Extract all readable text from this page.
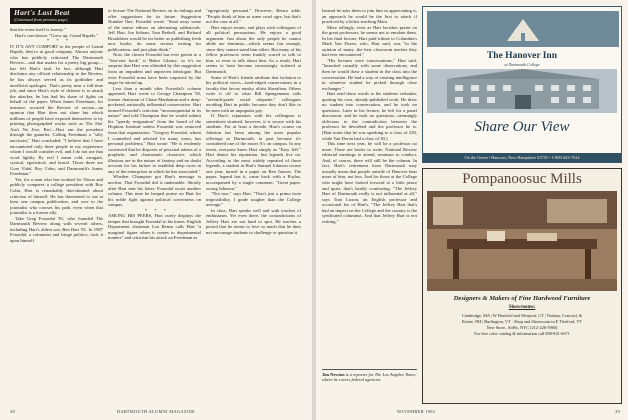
Hart's Last Beat
(Continued from previous page)

that the event itself is looney."

Hart's conclusion: "Grow up, Grand Rapids."

* * *

IT IT'S ANY COMFORT to the people of Grand Rapids, they're in good company. Almost anyone who has publicly criticized The Dartmouth Review—and that makes for a pretty big group—has felt Hart's lash. In fact, although Hart disclaims any official relationship to the Review, he has always served as its godfather and unofficial apologist. That's pretty near a full-time job, and since Hart's style of defense is to attack the attacker, he has had his share of fights on behalf of the paper. When James Freedman, for instance, accused the Review of racism—an opinion that Hart does not share but which millions of people have exposed themselves to by printing photographed works such as 'Dis Sho' Ain't No Jive, Bro'—Hart ran the president through the gauntlet. Calling Freedman a "silly narcissist," Hart concluded: "I believe that I have encountered only three people in my experience whom I would consider evil, and I do not use that word lightly. By evil I mean cold, arrogant, cynical, egotistical, and brutal. Those three are Gore Vidal, Roy Cohn, and Dartmouth's James Freedman."

Yet, for a man who has worked for Nixon and publicly compares a college president with Roy Cohn, Hart is remarkably thin-skinned about criticism of himself. He has threatened to sue at least one campus publication, and woe to the journalist who crosses his path, even when that journalist is a former ally.

Take Greg Fossedal '81, who founded The Dartmouth Review along with several others, including Hart's oldest son, Ben Hart '81. In 1987 Fossedal, a columnist and fringe politico, took it upon himself

to lecture The National Review on its failings and offer suggestions for its future. Suggestion Number One, Fossedal wrote: "Steal away some of the senior editors on alternating sabbaticals. Jeff Hart, Joe Sobran, Tom Bethell, and Richard Brookhiser would be far better as publishing fresh new books, do some serious writing for publications, and just plain think."

Now, the closest Fossedal has ever gotten to a "first-rate book" is Baker Library, so it's no surprise that Hart was offended by this suggestion from an impudent and unproven ideologue. But even Fossedal must have been surprised by the anger he stirred up.

Less than a month after Fossedal's column appeared, Hart wrote to George Champion '50, former chairman of Chase Manhattan and a deep-pocketed, nationally influential conservative. Hart termed Fossedal's criticism "inconsequential in its nature" and told Champion that he would submit his "speedy resignation" from the board of the Hopkins Institute unless Fossedal was removed from that organization. "Gregory Fossedal, whom I counseled and advised for many years, has personal problems," Hart wrote. "He is evidently convinced that he disposes of personal talents of a prophetic and charismatic character, which illusions are in the nature of fantasy and no doubt account for his failure to establish deep roots in any of the enterprises in which he has associated."

Whether Champion got Hart's message is unclear. That Fossedal did is undeniable. Shortly after Hart sent his letter, Fossedal wrote another column. This time he heaped praise on Hart for his noble fight against political correctness on campus.

* * *

AMONG HIS PEERS, Hart rarely displays the temper that brought Fossedal to his knees. English Department chairman Lou Renza calls Hart "a marginal figure when it comes to departmental matters" and criticism his attack on Freedman as

"egregiously personal." However, Renza adds: "People think of him as some cruel ogre, but that's not the case at all."

Hart enjoys tennis, and plays with colleagues of all political persuasions. He enjoys a good argument. Just about the only people he cannot abide are feminists—which seems fair enough, since they cannot stand him either. But many of his fellow professors seem frankly scared to talk to him, or even to talk about him. As a result, Hart seems to have become increasingly isolated at Dartmouth.

Some of Hart's friends attribute that isolation to his political views—hard-edged conservatism in a faculty that favors mushy, elitist liberalism. Others write it off to what Bill Spengemann calls "seventh-grade social etiquette," colleagues avoiding Hart in public because they don't like to be seen with an unpopular guy.

If Hart's reputation with his colleagues is sometimes strained, however, it is secure with his students. For at least a decade, Hart's course on Johnson has been among the most popular offerings at Dartmouth, in part because it's considered one of the easier A's on campus. In any event, everyone knew Hart simply as "Easy Jeff." Hart denies his reputation, but legends live on. According to the most widely repeated of those legends, a student in Hart's Samuel Johnson course one year, turned in a paper on Ben Jonson. The paper, legend has it, came back with a B-plus, accompanied by a single comment: "Great paper, wrong Johnson."

"Not true," says Hart. "That's just a prima facie impossibility. I grade tougher than the College average."

In class, Hart speaks well and with touches of enthusiasm. Yet even there, the contradictions of Jeffrey Hart are not hard to spot. He teaches a period that he seems to love so much that he does not encourage students to challenge or question it.

38	DARTMOUTH ALUMNI MAGAZINE

Instead he asks them to join him in appreciating it, an approach he would be the first to attack if practiced by a leftist teaching Marx.

More tellingly, even as Hart lavishes praise on the great professors, he seems not to emulate them. In his final lecture, Hart paid tribute to Columbia's Mark Van Doren, who, Hart said, was "in the opinion of many...the best classroom teacher they had ever encountered."

"His lectures were conversations," Hart said, "launched casually with some observations, and then he would draw a student in the class into the conversation. He had a way of creating intelligence in whatever student he picked through close exchanges."

Hart read those words to his students verbatim, quoting his own, already-published work. He drew no student into conversation, and he took no questions. Later in his lecture, he left for a panel discussion, and he took no questions—seemingly oblivious to the contradiction between the professor he described and the professor he is. (Hart notes that he was speaking to a class of 230, while Van Doren had a class of 30.)

This time next year, he will be a professor no more. There are books to write, National Review editorial meetings to attend, seminars to conduct. And, of course, there will still be the column. In fact, Hart's retirement from Dartmouth may actually mean that people outside of Hanover hear more of him, not less. And for those at the College who might have looked forward to a little peace and quiet, that's hardly comforting. "The Jeffrey Hart of Dartmouth really is not influential at all," says Tom Luxon, an English professor and occasional foe of Hart's. "The Jeffrey Hart that's had an impact on the College and the country is the syndicated columnist. And that Jeffrey Hart is not retiring."

Jim Newton is a reporter for The Los Angeles Times, where he covers federal agencies.
The Hanover Inn
at Dartmouth College
Share Our View
On the Green • Hanover, New Hampshire 03755 • 1-800-443-7024
Pompanoosuc Mills
Designers & Makers of Fine Hardwood Furniture
Showrooms:
Cambridge, MA | W Hartford and Westport, CT | Nashua, Concord, &
Keene, NH | Burlington, VT · Shop and Showroom in E Thetford, VT
New Store– SoHo, NYC (212-226-5960)
For free color catalog & information call 800-841-6671
NOVEMBER 1992	39
